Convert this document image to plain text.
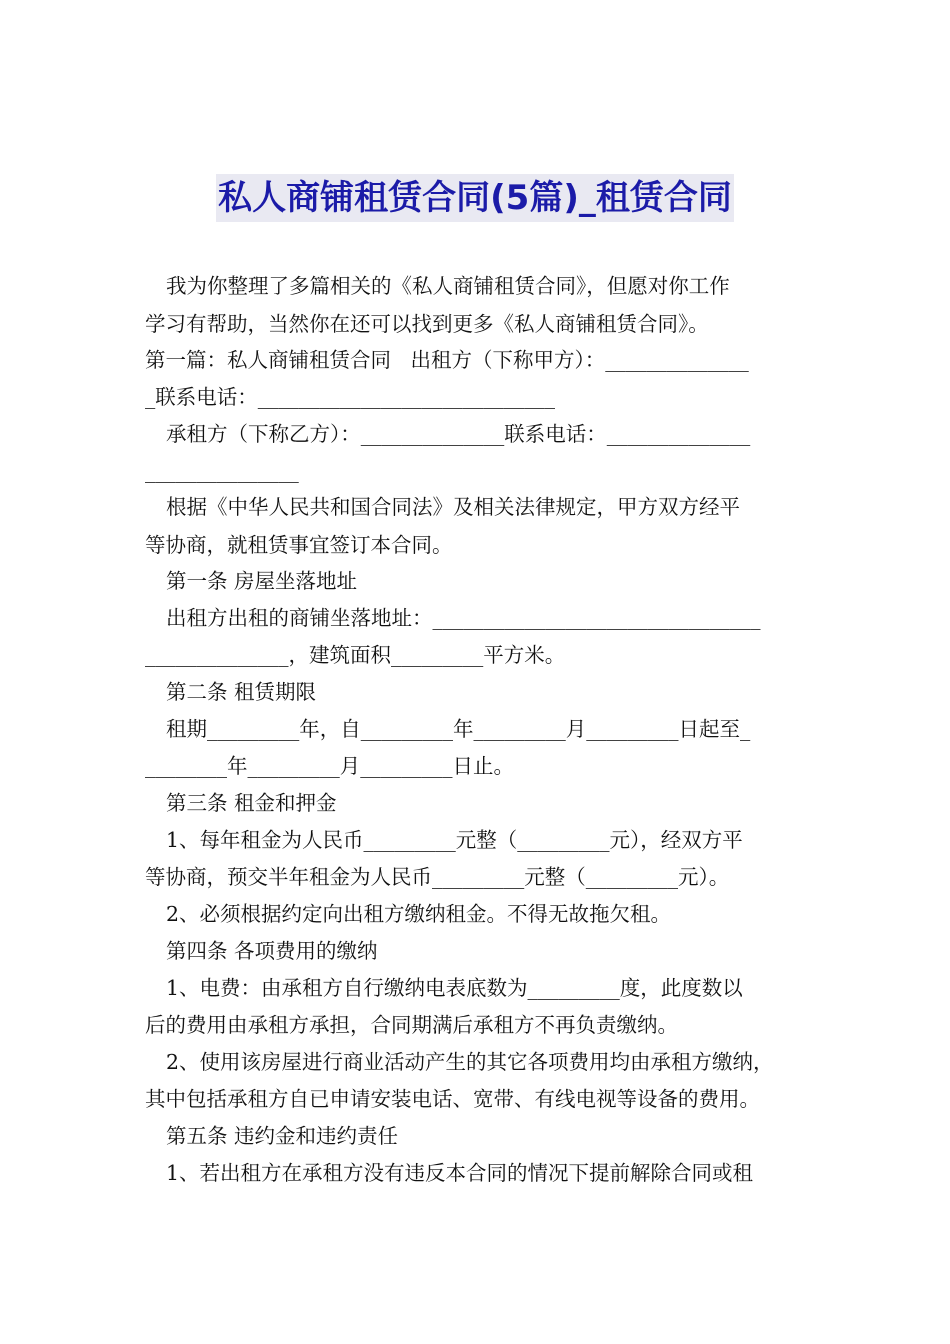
私人商铺租赁合同(5篇)_租赁合同
我为你整理了多篇相关的《私人商铺租赁合同》，但愿对你工作
学习有帮助，当然你在还可以找到更多《私人商铺租赁合同》。
第一篇：私人商铺租赁合同   出租方（下称甲方）：______________
_联系电话：_____________________________
承租方（下称乙方）：______________联系电话：______________
_______________
根据《中华人民共和国合同法》及相关法律规定，甲方双方经平
等协商，就租赁事宜签订本合同。
第一条 房屋坐落地址
出租方出租的商铺坐落地址：________________________________
______________，建筑面积_________平方米。
第二条 租赁期限
租期_________年，自_________年_________月_________日起至_
________年_________月_________日止。
第三条 租金和押金
1、每年租金为人民币_________元整（_________元），经双方平
等协商，预交半年租金为人民币_________元整（_________元）。
2、必须根据约定向出租方缴纳租金。不得无故拖欠租。
第四条 各项费用的缴纳
1、电费：由承租方自行缴纳电表底数为_________度，此度数以
后的费用由承租方承担，合同期满后承租方不再负责缴纳。
2、使用该房屋进行商业活动产生的其它各项费用均由承租方缴纳，
其中包括承租方自已申请安装电话、宽带、有线电视等设备的费用。
第五条 违约金和违约责任
1、若出租方在承租方没有违反本合同的情况下提前解除合同或租
